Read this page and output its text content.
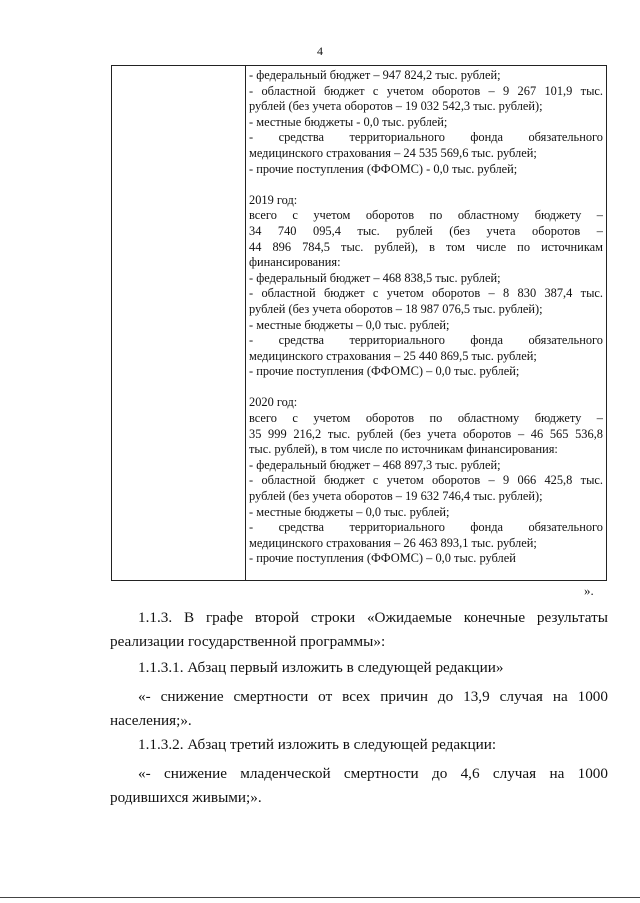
4

- федеральный бюджет – 947 824,2 тыс. рублей;

- областной бюджет с учетом оборотов – 9 267 101,9 тыс.

рублей (без учета оборотов – 19 032 542,3 тыс. рублей);

- местные бюджеты - 0,0 тыс. рублей;

- средства территориального фонда обязательного

медицинского страхования – 24 535 569,6 тыс. рублей;

- прочие поступления (ФФОМС) - 0,0 тыс. рублей;

2019 год:

всего с учетом оборотов по областному бюджету –

34 740 095,4 тыс. рублей (без учета оборотов –

44 896 784,5 тыс. рублей), в том числе по источникам

финансирования:

- федеральный бюджет – 468 838,5 тыс. рублей;

- областной бюджет с учетом оборотов – 8 830 387,4 тыс.

рублей (без учета оборотов – 18 987 076,5 тыс. рублей);

- местные бюджеты – 0,0 тыс. рублей;

- средства территориального фонда обязательного

медицинского страхования – 25 440 869,5 тыс. рублей;

- прочие поступления (ФФОМС) – 0,0 тыс. рублей;

2020 год:

всего с учетом оборотов по областному бюджету –

35 999 216,2 тыс. рублей (без учета оборотов – 46 565 536,8

тыс. рублей), в том числе по источникам финансирования:

- федеральный бюджет – 468 897,3 тыс. рублей;

- областной бюджет с учетом оборотов – 9 066 425,8 тыс.

рублей (без учета оборотов – 19 632 746,4 тыс. рублей);

- местные бюджеты – 0,0 тыс. рублей;

- средства территориального фонда обязательного

медицинского страхования – 26 463 893,1 тыс. рублей;

- прочие поступления (ФФОМС) – 0,0 тыс. рублей

».

1.1.3. В графе второй строки «Ожидаемые конечные результаты

реализации государственной программы»:

1.1.3.1. Абзац первый изложить в следующей редакции»

«- снижение смертности от всех причин до 13,9 случая на 1000

населения;».

1.1.3.2. Абзац третий изложить в следующей редакции:

«- снижение младенческой смертности до 4,6 случая на 1000

родившихся живыми;».
